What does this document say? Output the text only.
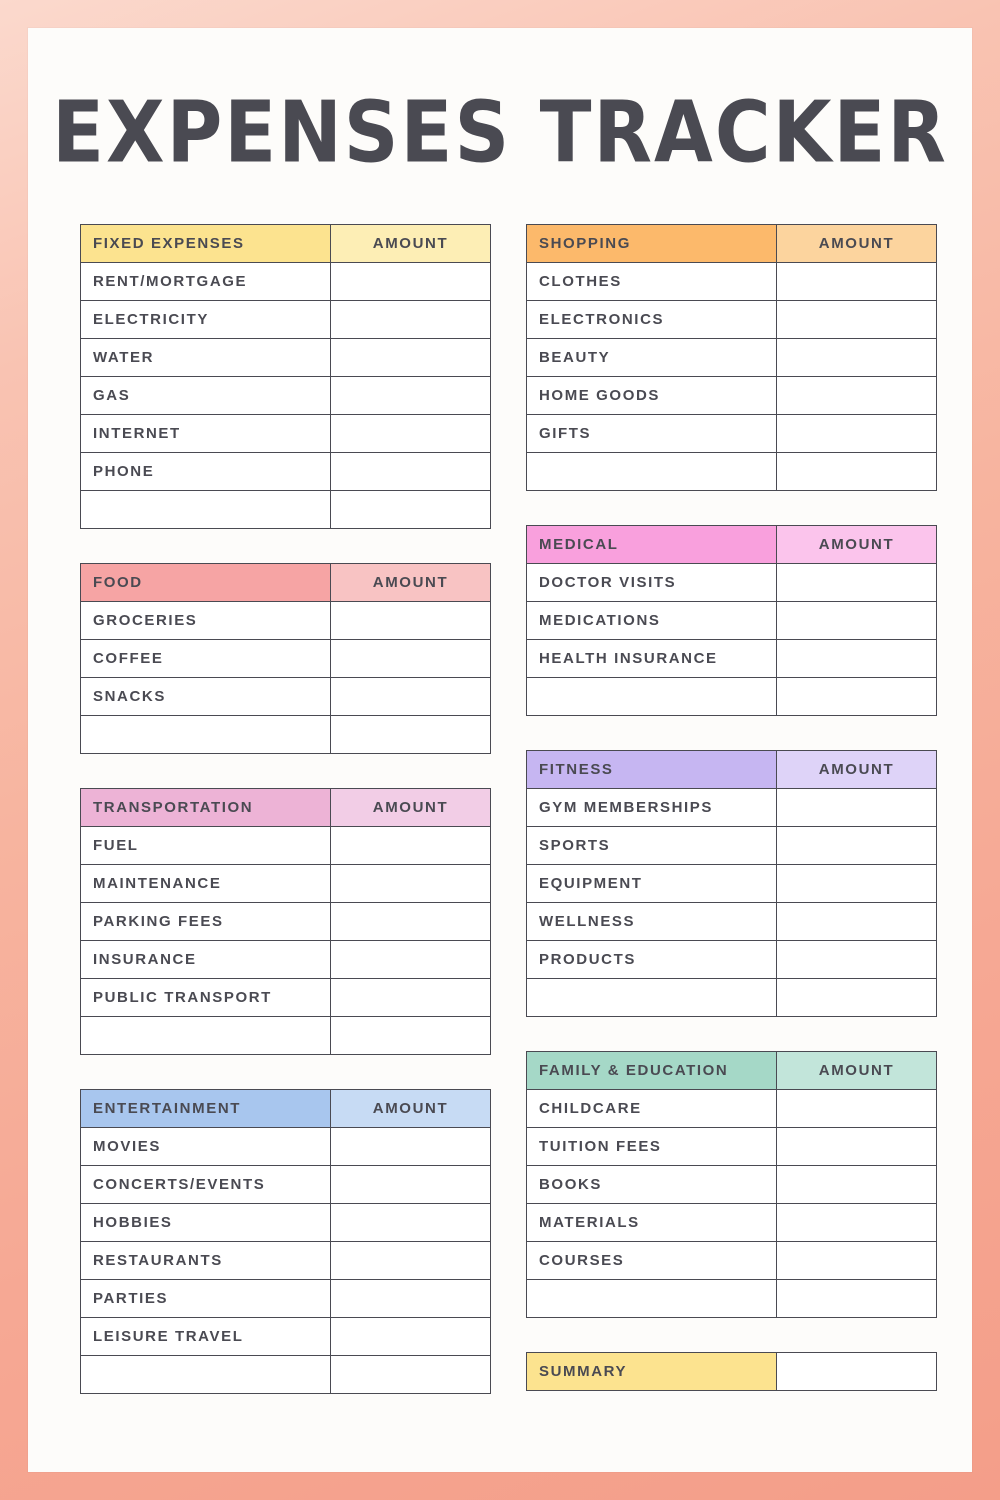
EXPENSES TRACKER
FIXED EXPENSES	AMOUNT
RENT/MORTGAGE	
ELECTRICITY	
WATER	
GAS	
INTERNET	
PHONE	

FOOD	AMOUNT
GROCERIES	
COFFEE	
SNACKS	

TRANSPORTATION	AMOUNT
FUEL	
MAINTENANCE	
PARKING FEES	
INSURANCE	
PUBLIC TRANSPORT	

ENTERTAINMENT	AMOUNT
MOVIES	
CONCERTS/EVENTS	
HOBBIES	
RESTAURANTS	
PARTIES	
LEISURE TRAVEL	

SHOPPING	AMOUNT
CLOTHES	
ELECTRONICS	
BEAUTY	
HOME GOODS	
GIFTS	

MEDICAL	AMOUNT
DOCTOR VISITS	
MEDICATIONS	
HEALTH INSURANCE	

FITNESS	AMOUNT
GYM MEMBERSHIPS	
SPORTS	
EQUIPMENT	
WELLNESS	
PRODUCTS	

FAMILY & EDUCATION	AMOUNT
CHILDCARE	
TUITION FEES	
BOOKS	
MATERIALS	
COURSES	

SUMMARY	
